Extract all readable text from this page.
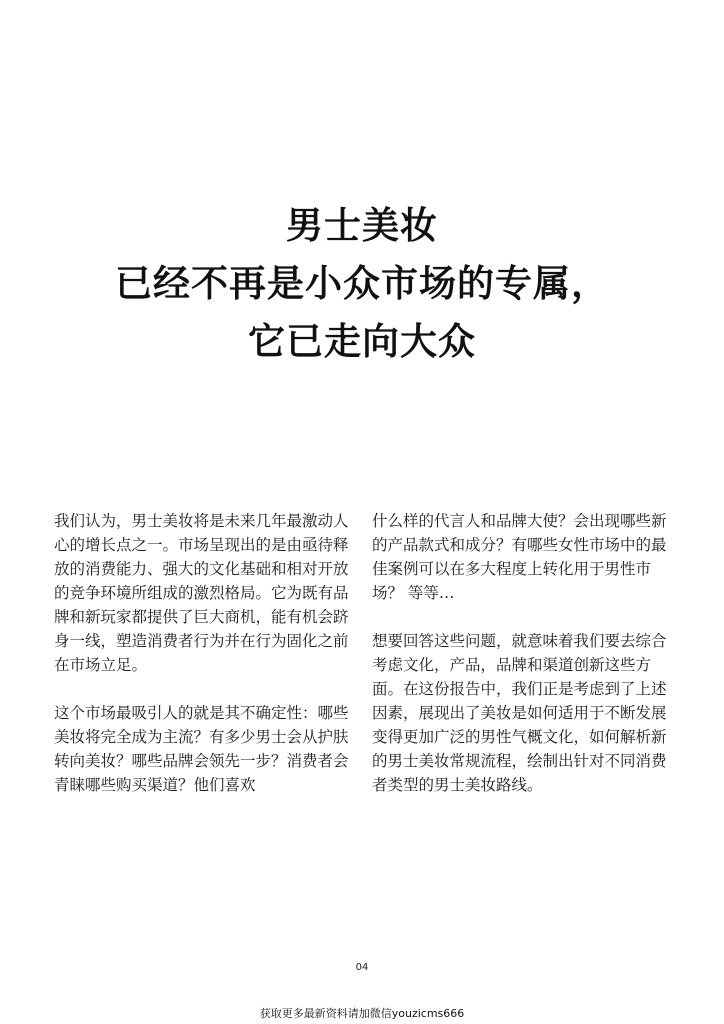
男士美妆
已经不再是小众市场的专属，
它已走向大众

我们认为，男士美妆将是未来几年最激动人心的增长点之一。市场呈现出的是由亟待释放的消费能力、强大的文化基础和相对开放的竞争环境所组成的激烈格局。它为既有品牌和新玩家都提供了巨大商机，能有机会跻身一线，塑造消费者行为并在行为固化之前在市场立足。

这个市场最吸引人的就是其不确定性：哪些美妆将完全成为主流？有多少男士会从护肤转向美妆？哪些品牌会领先一步？消费者会青睐哪些购买渠道？他们喜欢

什么样的代言人和品牌大使？会出现哪些新的产品款式和成分？有哪些女性市场中的最佳案例可以在多大程度上转化用于男性市场？ 等等…

想要回答这些问题，就意味着我们要去综合考虑文化，产品，品牌和渠道创新这些方面。在这份报告中，我们正是考虑到了上述因素，展现出了美妆是如何适用于不断发展变得更加广泛的男性气概文化，如何解析新的男士美妆常规流程，绘制出针对不同消费者类型的男士美妆路线。

04
获取更多最新资料请加微信youzicms666
